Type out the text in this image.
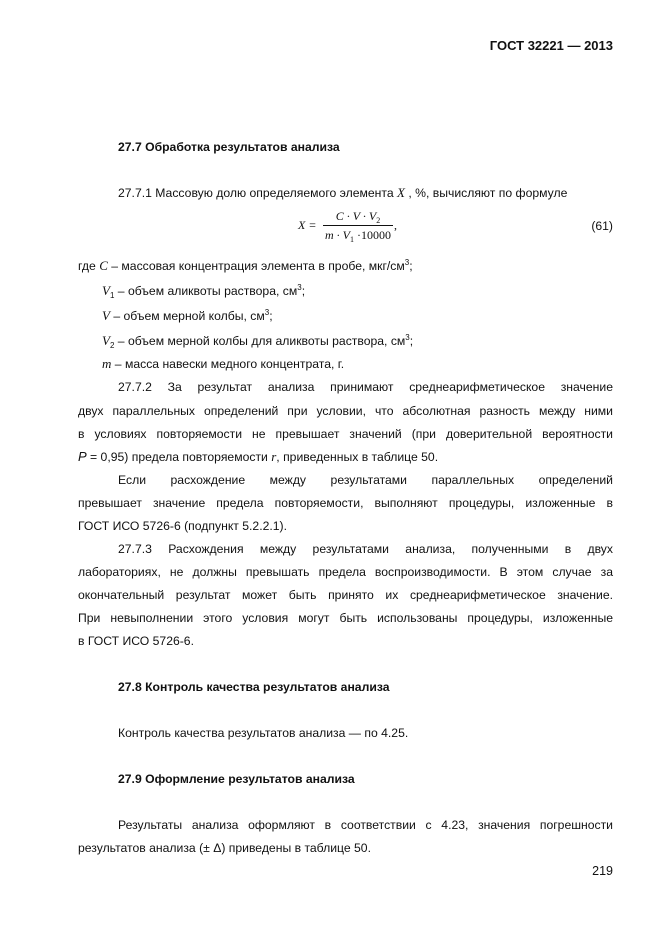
ГОСТ 32221 — 2013
27.7 Обработка результатов анализа
27.7.1 Массовую долю определяемого элемента X , %, вычисляют по формуле
X =
$C \cdot V \cdot V_2$
$m \cdot V_1 \cdot 10000$
,	(61)
где C – массовая концентрация элемента в пробе, мкг/$см^3$;
$V_1$ – объем аликвоты раствора, $см^3$;
V – объем мерной колбы, $см^3$;
$V_2$ – объем мерной колбы для аликвоты раствора, $см^3$;
m – масса навески медного концентрата, г.
27.7.2 За результат анализа принимают среднеарифметическое значение
двух параллельных определений при условии, что абсолютная разность между ними
в условиях повторяемости не превышает значений (при доверительной вероятности
P = 0,95) предела повторяемости r, приведенных в таблице 50.
Если расхождение между результатами параллельных определений
превышает значение предела повторяемости, выполняют процедуры, изложенные в
ГОСТ ИСО 5726-6 (подпункт 5.2.2.1).
27.7.3 Расхождения между результатами анализа, полученными в двух
лабораториях, не должны превышать предела воспроизводимости. В этом случае за
окончательный результат может быть принято их среднеарифметическое значение.
При невыполнении этого условия могут быть использованы процедуры, изложенные
в ГОСТ ИСО 5726-6.
27.8 Контроль качества результатов анализа
Контроль качества результатов анализа — по 4.25.
27.9 Оформление результатов анализа
Результаты анализа оформляют в соответствии с 4.23, значения погрешности
результатов анализа (± Δ) приведены в таблице 50.
219
